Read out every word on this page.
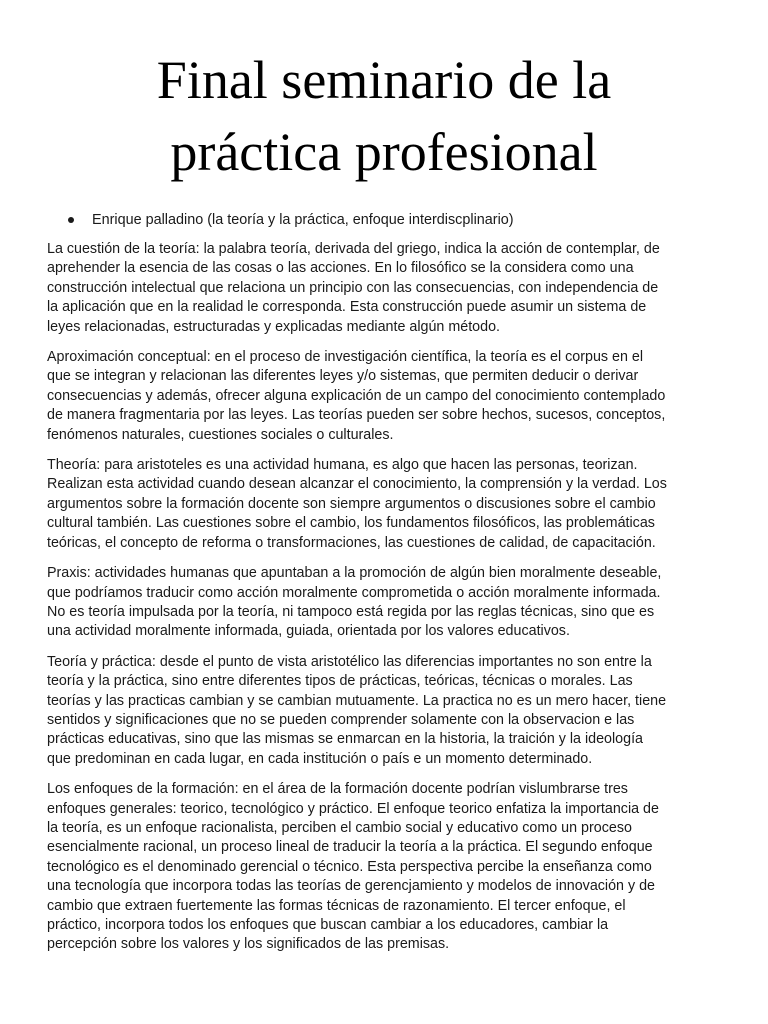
Final seminario de la
práctica profesional
Enrique palladino (la teoría y la práctica, enfoque interdiscplinario)

La cuestión de la teoría: la palabra teoría, derivada del griego, indica la acción de contemplar, de
aprehender la esencia de las cosas o las acciones. En lo filosófico se la considera como una
construcción intelectual que relaciona un principio con las consecuencias, con independencia de
la aplicación que en la realidad le corresponda. Esta construcción puede asumir un sistema de
leyes relacionadas, estructuradas y explicadas mediante algún método.

Aproximación conceptual: en el proceso de investigación científica, la teoría es el corpus en el
que se integran y relacionan las diferentes leyes y/o sistemas, que permiten deducir o derivar
consecuencias y además, ofrecer alguna explicación de un campo del conocimiento contemplado
de manera fragmentaria por las leyes. Las teorías pueden ser sobre hechos, sucesos, conceptos,
fenómenos naturales, cuestiones sociales o culturales.

Theoría: para aristoteles es una actividad humana, es algo que hacen las personas, teorizan.
Realizan esta actividad cuando desean alcanzar el conocimiento, la comprensión y la verdad. Los
argumentos sobre la formación docente son siempre argumentos o discusiones sobre el cambio
cultural también. Las cuestiones sobre el cambio, los fundamentos filosóficos, las problemáticas
teóricas, el concepto de reforma o transformaciones, las cuestiones de calidad, de capacitación.

Praxis: actividades humanas que apuntaban a la promoción de algún bien moralmente deseable,
que podríamos traducir como acción moralmente comprometida o acción moralmente informada.
No es teoría impulsada por la teoría, ni tampoco está regida por las reglas técnicas, sino que es
una actividad moralmente informada, guiada, orientada por los valores educativos.

Teoría y práctica: desde el punto de vista aristotélico las diferencias importantes no son entre la
teoría y la práctica, sino entre diferentes tipos de prácticas, teóricas, técnicas o morales. Las
teorías y las practicas cambian y se cambian mutuamente. La practica no es un mero hacer, tiene
sentidos y significaciones que no se pueden comprender solamente con la observacion e las
prácticas educativas, sino que las mismas se enmarcan en la historia, la traición y la ideología
que predominan en cada lugar, en cada institución o país e un momento determinado.

Los enfoques de la formación: en el área de la formación docente podrían vislumbrarse tres
enfoques generales: teorico, tecnológico y práctico. El enfoque teorico enfatiza la importancia de
la teoría, es un enfoque racionalista, perciben el cambio social y educativo como un proceso
esencialmente racional, un proceso lineal de traducir la teoría a la práctica. El segundo enfoque
tecnológico es el denominado gerencial o técnico. Esta perspectiva percibe la enseñanza como
una tecnología que incorpora todas las teorías de gerencjamiento y modelos de innovación y de
cambio que extraen fuertemente las formas técnicas de razonamiento. El tercer enfoque, el
práctico, incorpora todos los enfoques que buscan cambiar a los educadores, cambiar la
percepción sobre los valores y los significados de las premisas.
